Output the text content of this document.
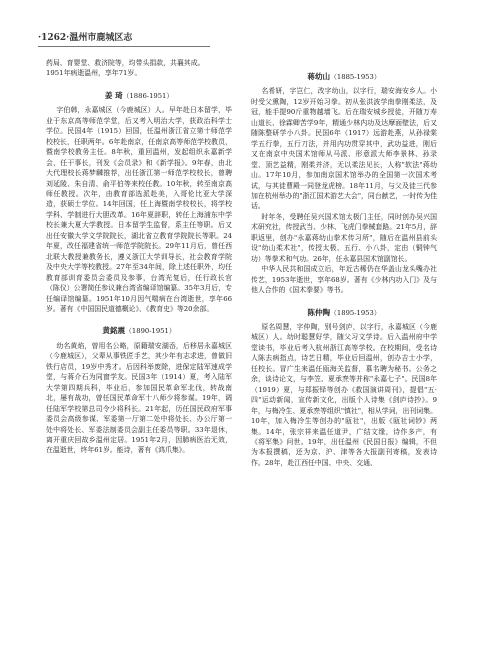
·1262·温州市鹿城区志

药局、育婴堂、救济院等，均带头捐款，共襄其成。

1951年病逝温州，享年71岁。

姜 琦（1886-1951）

字伯韩，永嘉城区（今鹿城区）人。早年赴日本留学，毕业于东京高等师范学堂，后又考入明治大学，获政治科学士学位。民国4年（1915）回国，任温州浙江省立第十师范学校校长，任职两年。6年赴南京，任南京高等师范学校教员，暨南学校教务主任。8年秋，重回温州，发起组织永嘉新学会，任干事长，刊发《会员录》和《新学报》。9年春，由北大代理校长蒋梦麟推荐，出任浙江第一师范学校校长，曾聘刘延陵、朱自清、俞平伯等来校任教。10年秋，转至南京高师任教授。次年，由教育部选派赴美，入哥伦比亚大学深造，获硕士学位。14年回国，任上海暨南学校校长，将学校学科、学制进行大胆改革。16年夏辞职，转任上海浦东中学校长兼大夏大学教授。日本留学生监督，系主任等职。后又出任安徽大学文学院院长，湖北省立教育学院院长等职。24年夏，改任福建省统一师范学院院长。29年11月后，曾任西北联大教授兼教务长，遵义浙江大学训导长，社会教育学院及中央大学等校教授。27年至34年间，除上述任职外，均任教育部训育委员会委员及参事，台湾光复后，任行政长官（陈仪）公署简任参议兼台湾省编译馆编纂。35年3月后，专任编译馆编纂。1951年10月因气喘病在台湾逝世，享年66岁。著有《中国国民道德概论》、《教育史》等20余部。

黄銘震（1890-1951）

幼名黄焰，曾用名公略，原籍瑞安湖岙，后移居永嘉城区（今鹿城区），父辈从事铁匠手艺，其少年有志求进，曾做旧铁行店员，19岁中秀才。后因科举废除，进保定陆军速成学堂，与蒋介石为同窗学友。民国3年（1914）夏，考入陆军大学第四期兵科，毕业后，参加国民革命军北伐，转战南北，屡有战功，曾任国民革命军十八师少将参谋。19年，调任陆军学校第总司令少将科长。21年起，历任国民政府军事委员会高级参谋、军委第一厅第二处中将处长、办公厅第一处中将处长、军委法制委员会副主任委员等职。33年退休，离开重庆回故乡温州定居。1951年2月，因肺病医治无效，在温逝世，终年61岁。能诗，著有《鸿爪集》。

蒋幼山（1885-1953）

名希妍，字岂仁，改字幼山，以字行，瑞安海安乡人。小时受父熏陶，12岁开始习拳。初从张洪波学南拳刚柔法，及冠，能手提90斤重物越墙飞。后在瑞安城乡授徒，开随万寿山道长、徐霖卿苦学9年，精通少林内功及达摩面壁法，后又随陈整研学小八卦。民国6年（1917）远游赴燕，从孙禄棠学五行拳，五行刀法，并用内功贯穿其中，武功益进，刚后又在南京中央国术馆师从马派、形意派大师李景林、孙录堂、顶艺益精，刚柔并济，无以柔法见长，人称"软法"蒋幼山。17年10月，参加南京国术馆举办的全国第一次国术考试，与其徒曹殿一同登龙虎榜。18年11月，与父及徒三代参加在杭州举办的"浙江国术游艺大会"，同台献艺，一时传为佳话。

时年冬，受聘任吴兴国术馆太极门主任，同时创办吴兴国术研究社，传授武当、少林、飞虎门拳械套路。21年5月，辞职返里，创办"永嘉蒋幼山拳术传习所"，随后在温州县前头设"幼山柔术社"，传授太极、五行、小八卦，定由（铜钟气功）等拳术和气功。26年，任永嘉县国术馆副馆长。

中华人民共和国成立后，年近古稀仍在华盖山龙头嘴办社传艺，1953年逝世，享年68岁。著有《少林内功入门》及与他人合作的《国术拳要》等书。

陈仲陶（1895-1953）

原名周慧，字仲陶，别号剑庐，以字行，永嘉城区（今鹿城区）人。幼时聪慧好学，随父习文学诗。后入温州府中学堂读书，毕业后考入杭州浙江高等学校。在校期间，受名诗人陈去病指点，诗艺日精，毕业后回温州，创办吉士小学，任校长。冒广生来温任瓯海关监督，慕名聘为秘书。公务之余，谈诗论文，与李笠、夏承焘等并称"永嘉七子"。民国8年（1919）夏，与郑振铎等创办《救国演讲周刊》，提倡"五·四"运动新闻，宣传新文化，出版个人诗集《剑庐诗抄》。9年，与梅冷生、夏承焘等组织"慎社"，相从学词，出刊词集。10年，加入梅冷生等创办的"瓯社"，出版《瓯社词钞》两集。14年，张宗祥来温任道尹，广结文缘，诗作多产，有《将军集》问世。19年，出任温州《民国日报》编辑，不但为本报撰稿，还为京、沪、津等各大报副刊寄稿，发表诗作。28年，赴江西任中国、中央、交通、
